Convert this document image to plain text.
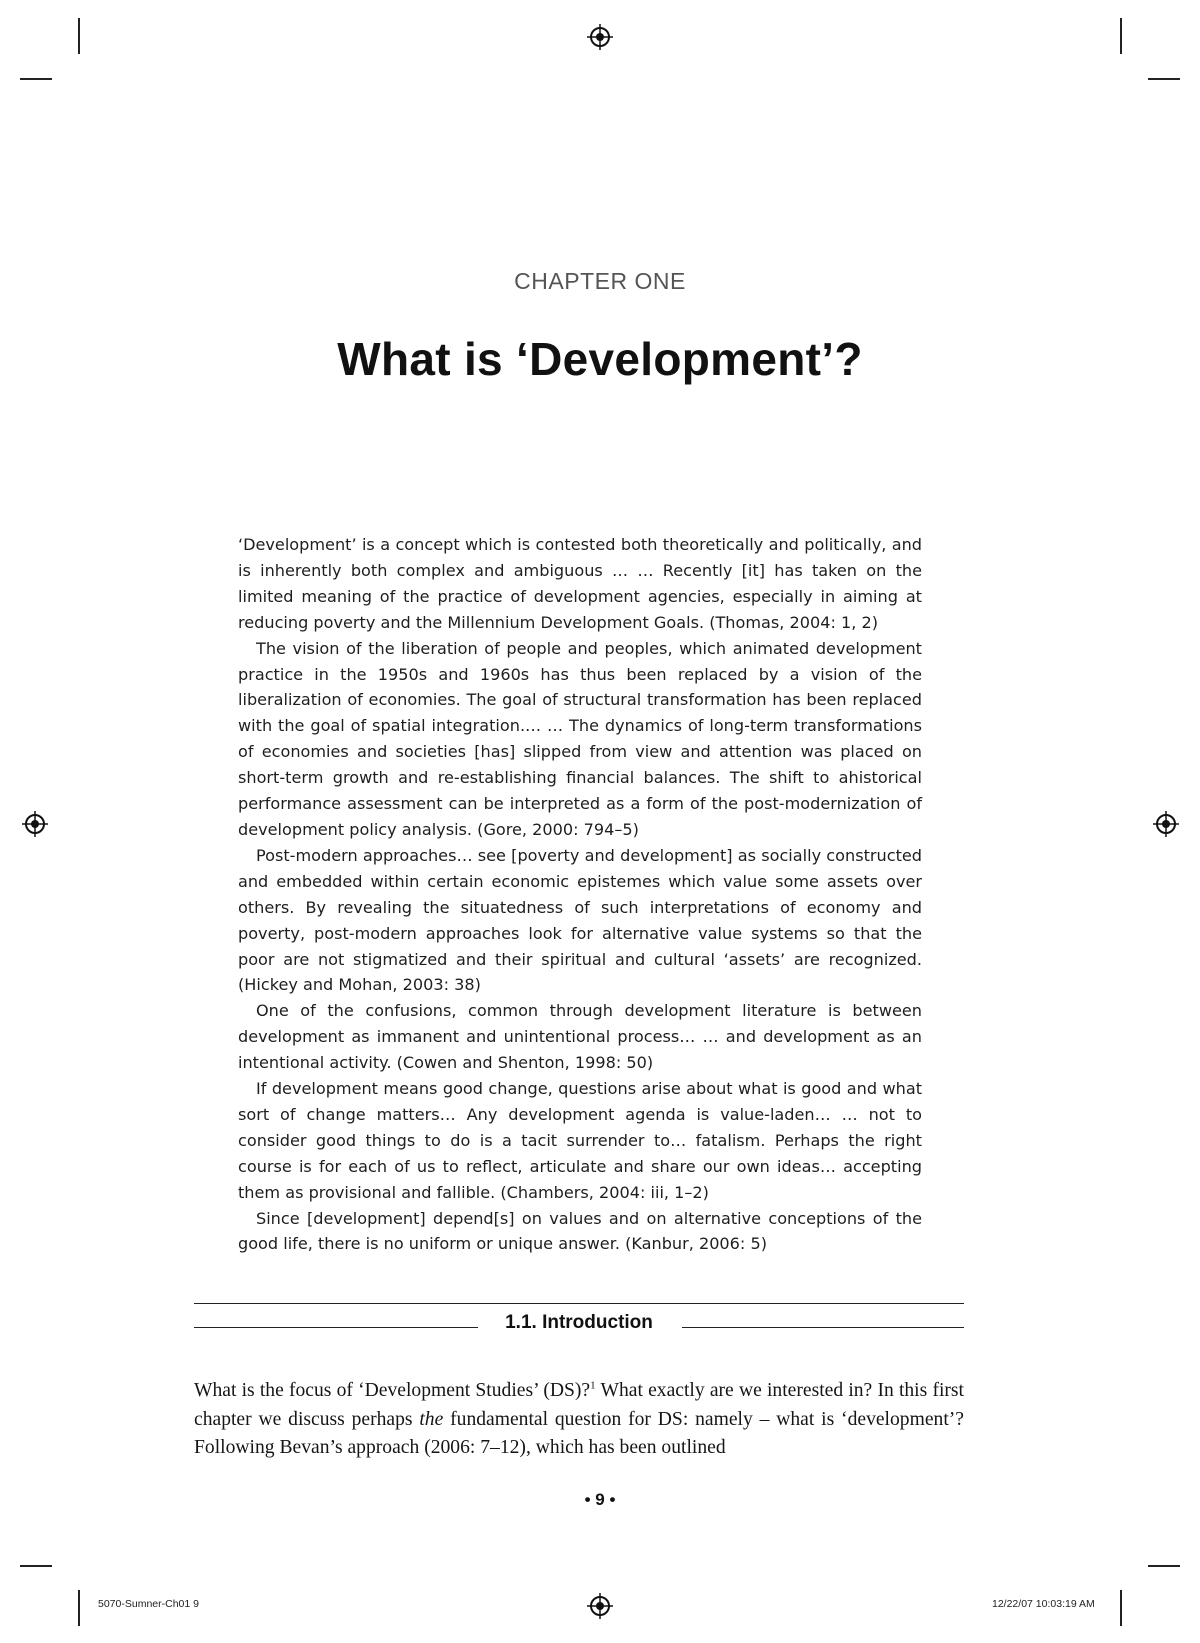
CHAPTER ONE
What is ‘Development’?

‘Development’ is a concept which is contested both theoretically and politically, and is inherently both complex and ambiguous … … Recently [it] has taken on the limited meaning of the practice of development agencies, especially in aiming at reducing poverty and the Millennium Development Goals. (Thomas, 2004: 1, 2)

The vision of the liberation of people and peoples, which animated development practice in the 1950s and 1960s has thus been replaced by a vision of the liberalization of economies. The goal of structural transformation has been replaced with the goal of spatial integration.… … The dynamics of long-term transformations of economies and societies [has] slipped from view and attention was placed on short-term growth and re-establishing financial balances. The shift to ahistorical performance assessment can be interpreted as a form of the post-modernization of development policy analysis. (Gore, 2000: 794–5)

Post-modern approaches… see [poverty and development] as socially constructed and embedded within certain economic epistemes which value some assets over others. By revealing the situatedness of such interpretations of economy and poverty, post-modern approaches look for alternative value systems so that the poor are not stigmatized and their spiritual and cultural ‘assets’ are recognized. (Hickey and Mohan, 2003: 38)

One of the confusions, common through development literature is between development as immanent and unintentional process… … and development as an intentional activity. (Cowen and Shenton, 1998: 50)

If development means good change, questions arise about what is good and what sort of change matters… Any development agenda is value-laden… … not to consider good things to do is a tacit surrender to… fatalism. Perhaps the right course is for each of us to reflect, articulate and share our own ideas… accepting them as provisional and fallible. (Chambers, 2004: iii, 1–2)

Since [development] depend[s] on values and on alternative conceptions of the good life, there is no uniform or unique answer. (Kanbur, 2006: 5)

1.1. Introduction

What is the focus of ‘Development Studies’ (DS)?$^1$ What exactly are we interested in? In this first chapter we discuss perhaps the fundamental question for DS: namely – what is ‘development’? Following Bevan’s approach (2006: 7–12), which has been outlined

• 9 •
5070-Sumner-Ch01 9	12/22/07 10:03:19 AM
